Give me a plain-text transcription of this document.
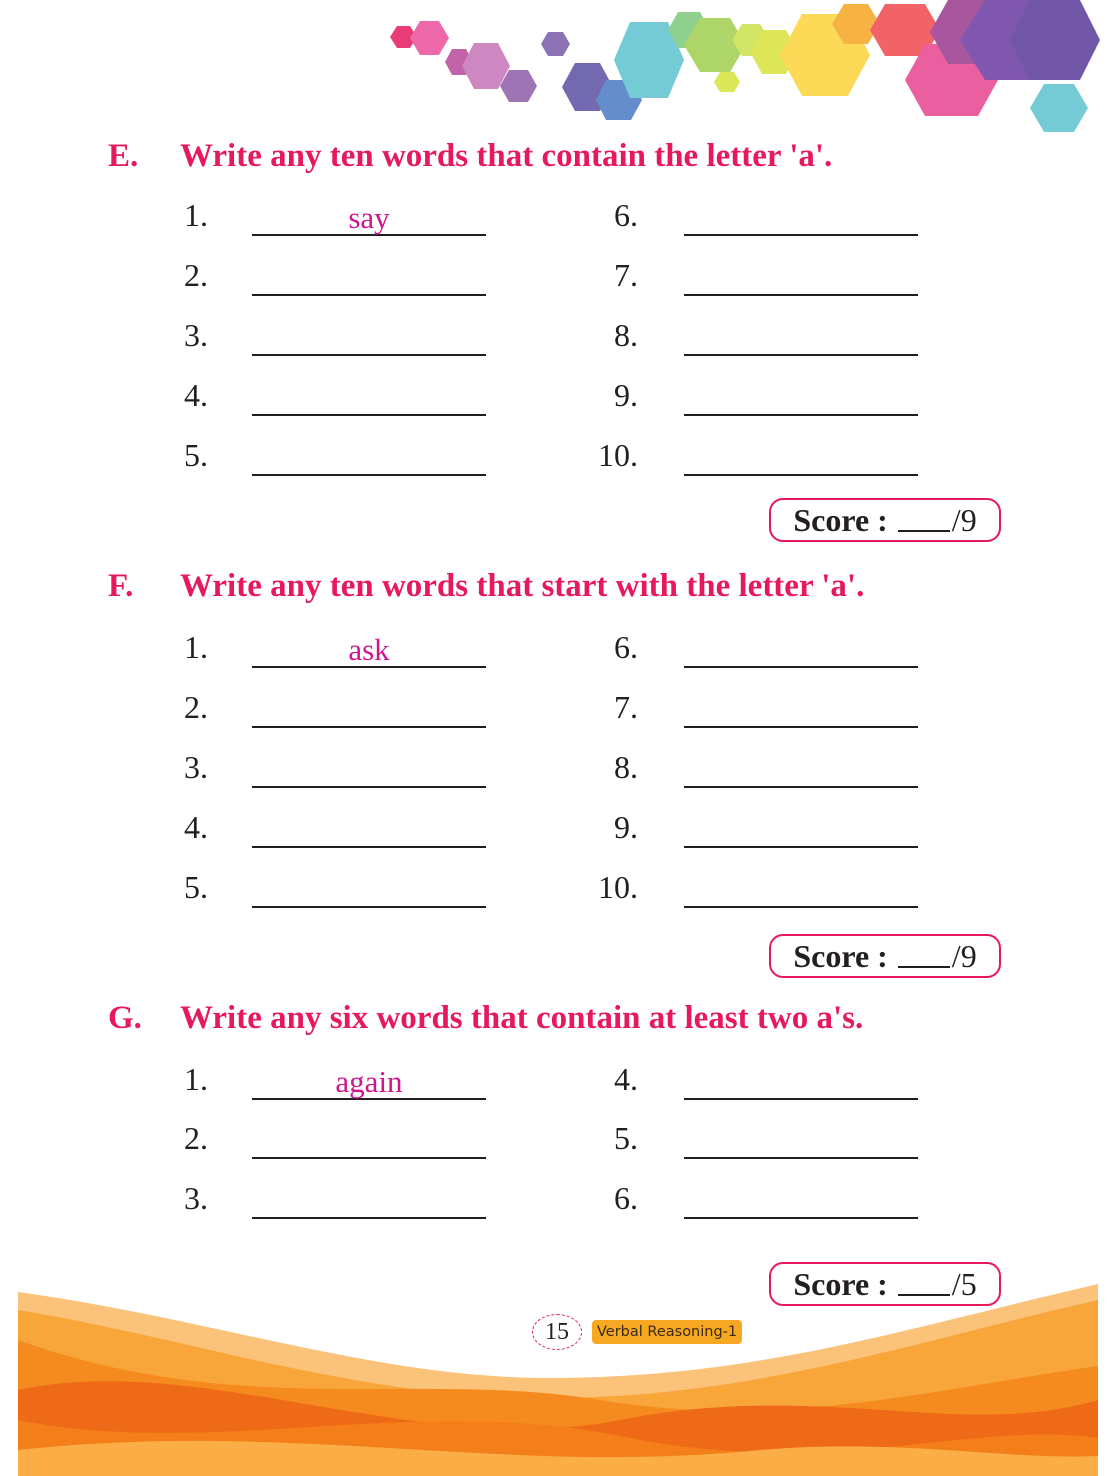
E. Write any ten words that contain the letter 'a'.
1.	say
2.
3.
4.
5.
6.
7.
8.
9.
10.
Score : /9
F. Write any ten words that start with the letter 'a'.
1.	ask
2.
3.
4.
5.
6.
7.
8.
9.
10.
Score : /9
G. Write any six words that contain at least two a's.
1.	again
2.
3.
4.
5.
6.
Score : /5
15	Verbal Reasoning-1
